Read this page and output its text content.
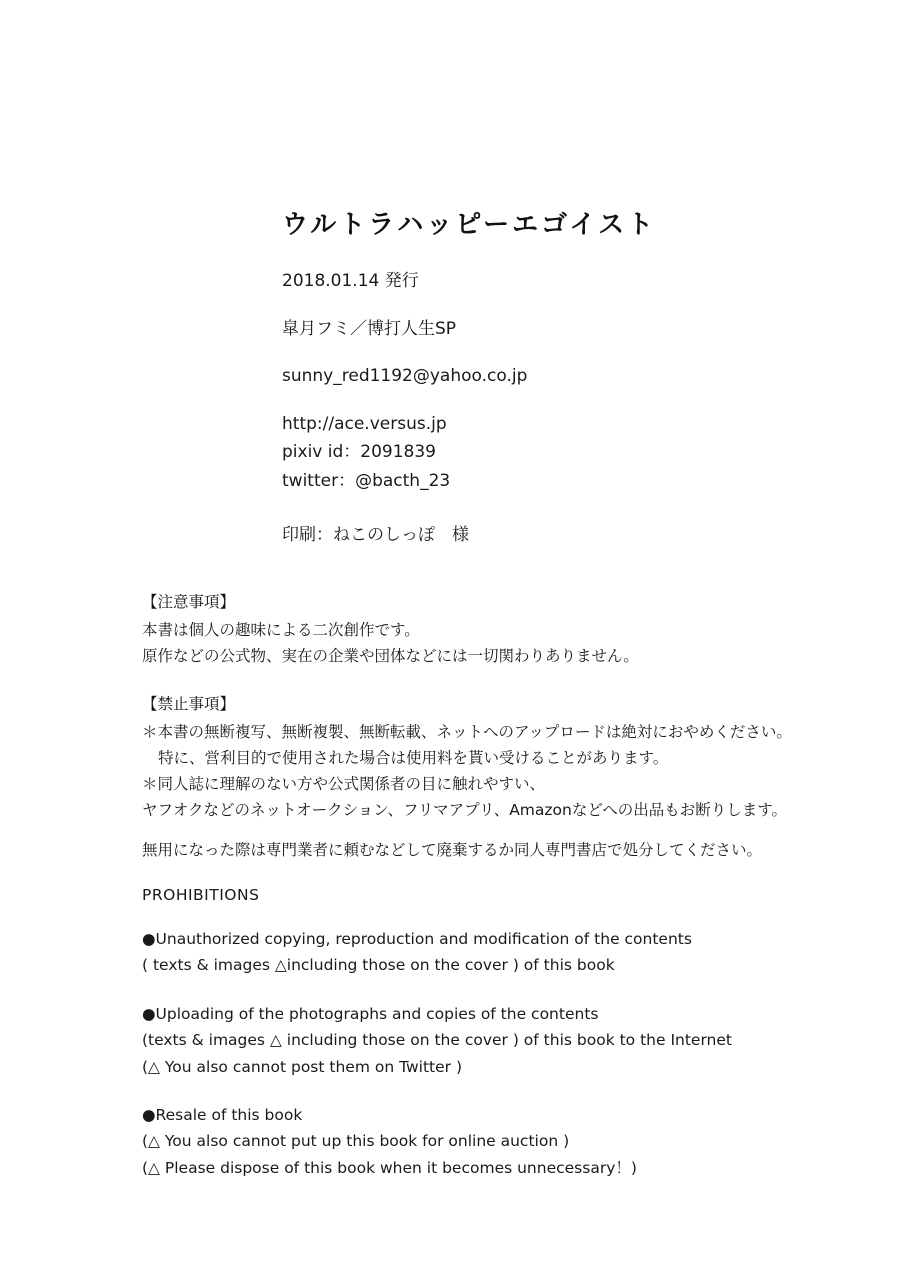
ウルトラハッピーエゴイスト
2018.01.14 発行
皐月フミ／博打人生SP
sunny_red1192@yahoo.co.jp
http://ace.versus.jp
pixiv id：2091839
twitter：@bacth_23
印刷：ねこのしっぽ　様
【注意事項】
本書は個人の趣味による二次創作です。
原作などの公式物、実在の企業や団体などには一切関わりありません。
【禁止事項】
＊本書の無断複写、無断複製、無断転載、ネットへのアップロードは絶対におやめください。
特に、営利目的で使用された場合は使用料を貰い受けることがあります。
＊同人誌に理解のない方や公式関係者の目に触れやすい、
ヤフオクなどのネットオークション、フリマアプリ、Amazonなどへの出品もお断りします。
無用になった際は専門業者に頼むなどして廃棄するか同人専門書店で処分してください。
PROHIBITIONS
●Unauthorized copying, reproduction and modification of the contents
( texts & images △including those on the cover ) of this book
●Uploading of the photographs and copies of the contents
(texts & images △ including those on the cover ) of this book to the Internet
(△ You also cannot post them on Twitter )
●Resale of this book
(△ You also cannot put up this book for online auction )
(△ Please dispose of this book when it becomes unnecessary！)
